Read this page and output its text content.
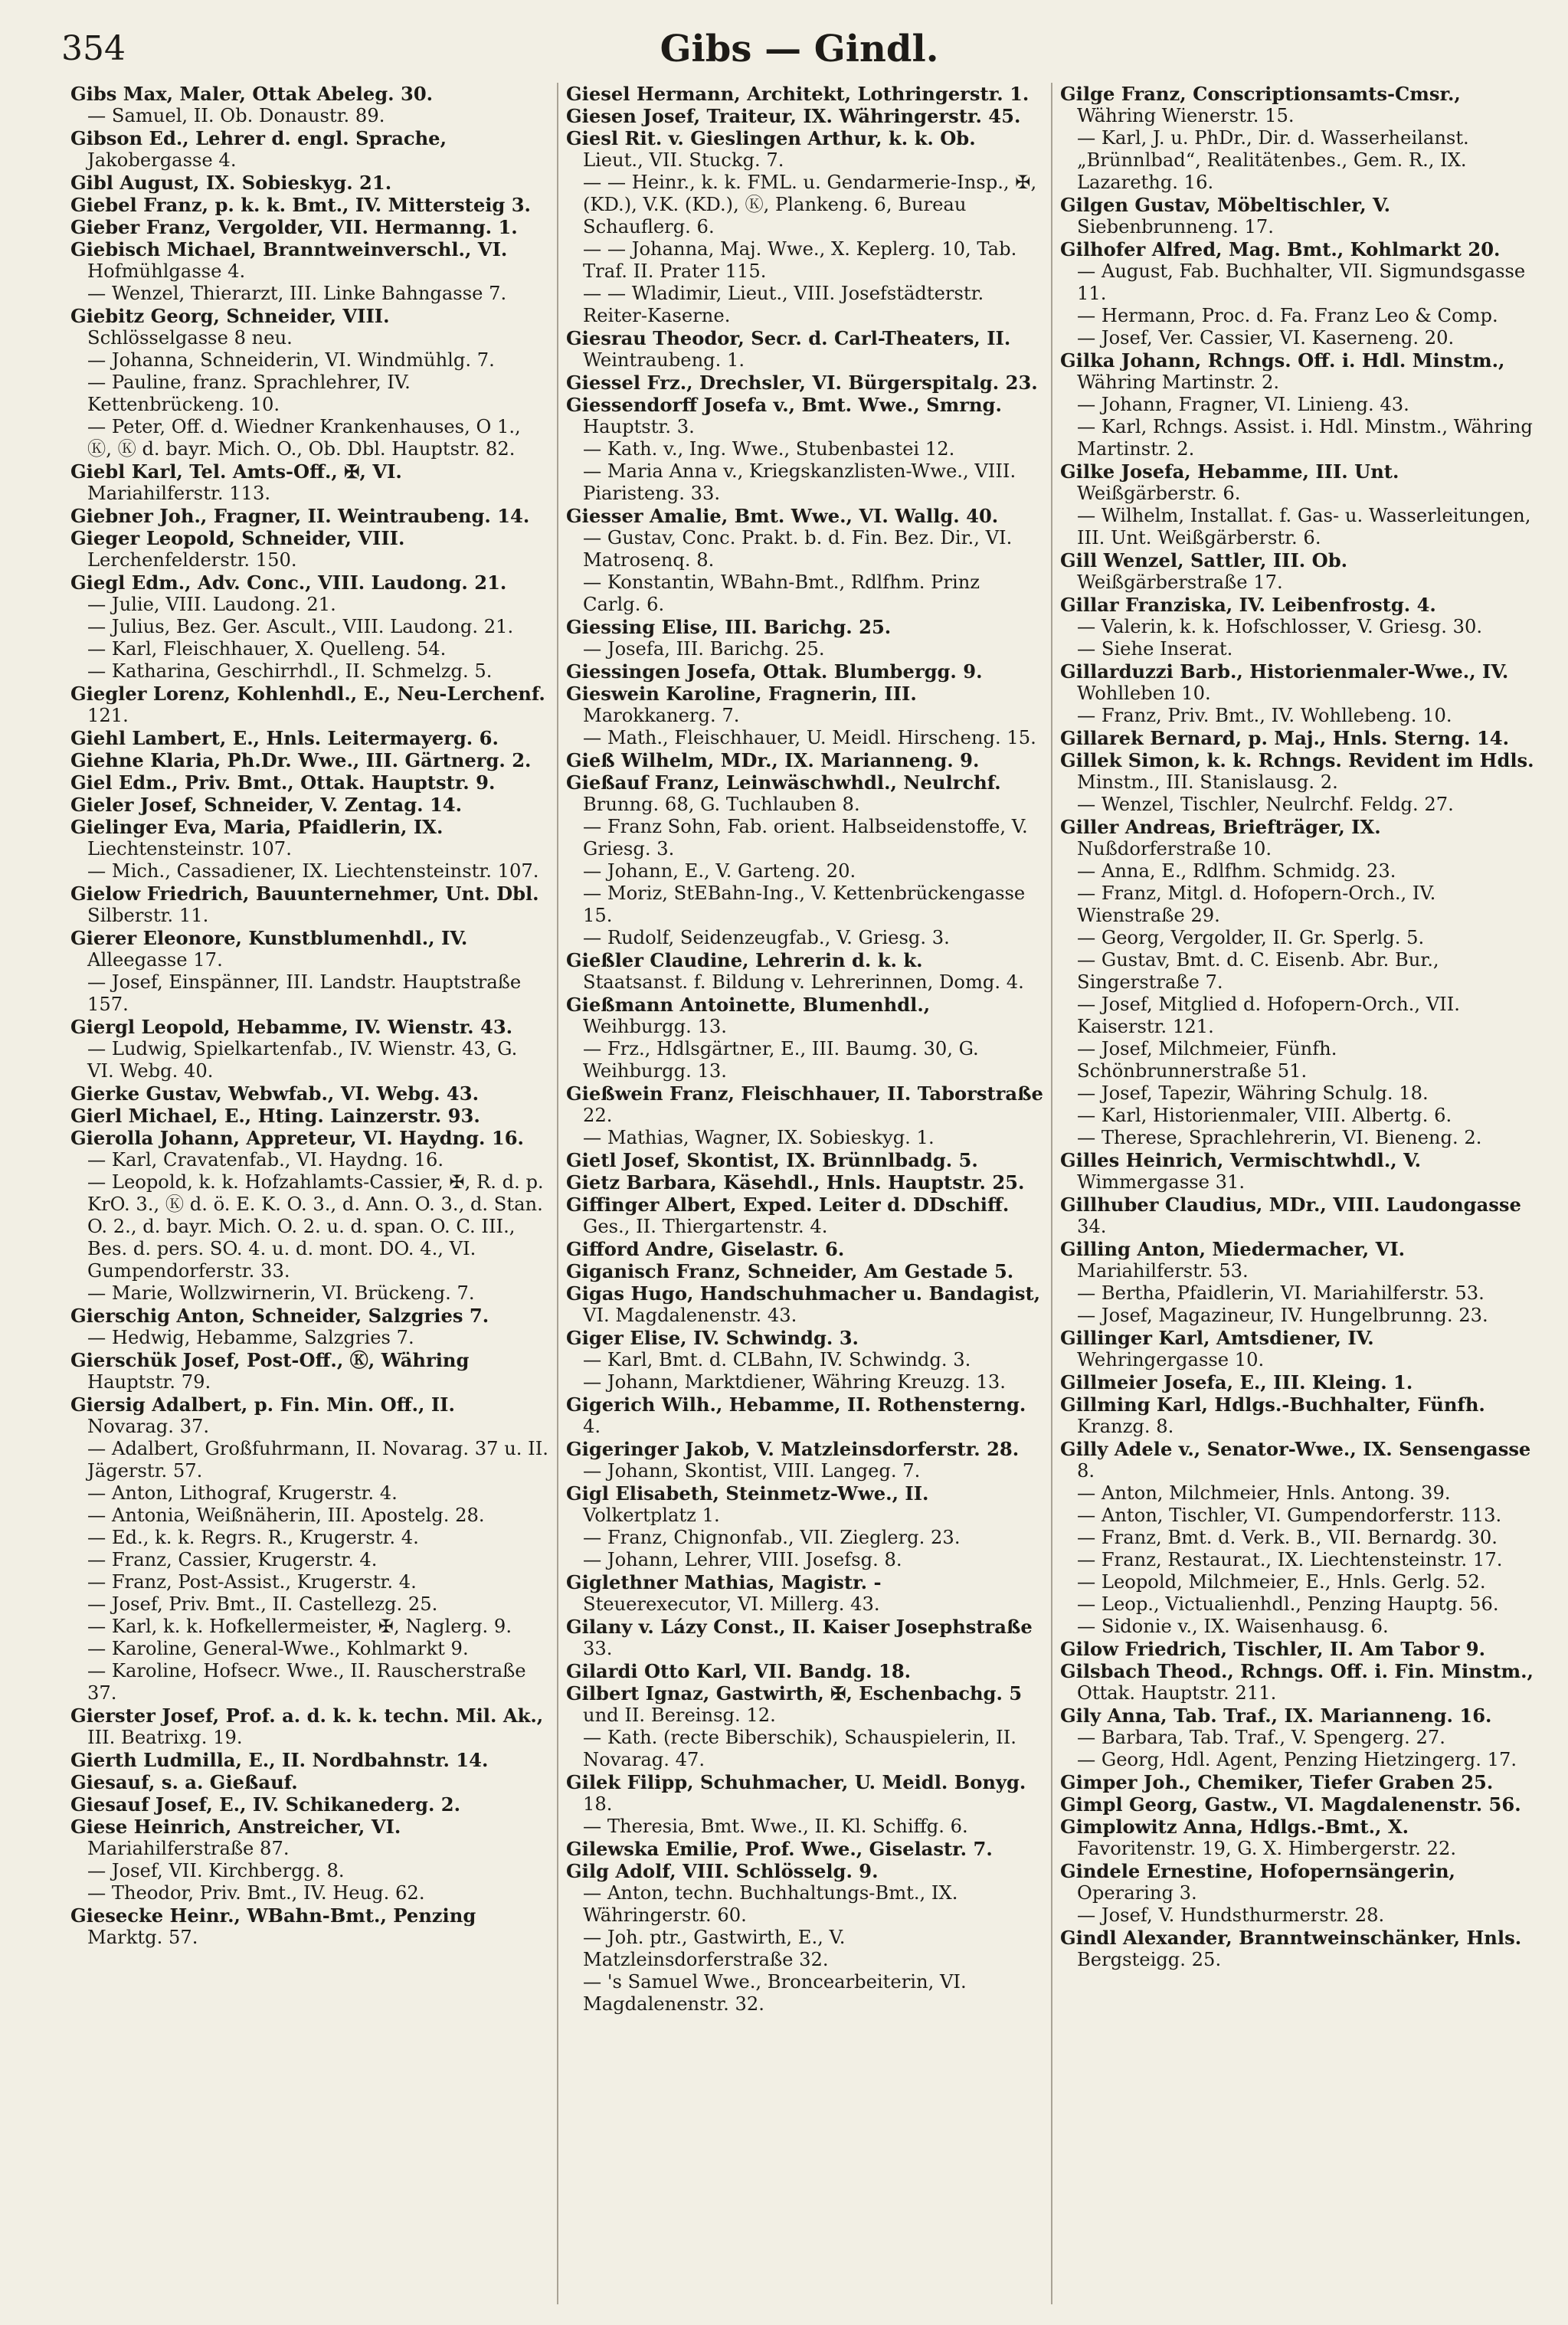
354	Gibs — Gindl.
Gibs Max, Maler, Ottak Abeleg. 30.
— Samuel, II. Ob. Donaustr. 89.
Gibson Ed., Lehrer d. engl. Sprache, Jakobergasse 4.
Gibl August, IX. Sobieskyg. 21.
Giebel Franz, p. k. k. Bmt., IV. Mittersteig 3.
Gieber Franz, Vergolder, VII. Hermanng. 1.
Giebisch Michael, Branntweinverschl., VI. Hofmühlgasse 4.
— Wenzel, Thierarzt, III. Linke Bahngasse 7.
Giebitz Georg, Schneider, VIII. Schlösselgasse 8 neu.
— Johanna, Schneiderin, VI. Windmühlg. 7.
— Pauline, franz. Sprachlehrer, IV. Kettenbrückeng. 10.
— Peter, Off. d. Wiedner Krankenhauses, O 1., Ⓚ, Ⓚ d. bayr. Mich. O., Ob. Dbl. Hauptstr. 82.
Giebl Karl, Tel. Amts-Off., ✠, VI. Mariahilferstr. 113.
Giebner Joh., Fragner, II. Weintraubeng. 14.
Gieger Leopold, Schneider, VIII. Lerchenfelderstr. 150.
Giegl Edm., Adv. Conc., VIII. Laudong. 21.
— Julie, VIII. Laudong. 21.
— Julius, Bez. Ger. Ascult., VIII. Laudong. 21.
— Karl, Fleischhauer, X. Quelleng. 54.
— Katharina, Geschirrhdl., II. Schmelzg. 5.
Giegler Lorenz, Kohlenhdl., E., Neu-Lerchenf. 121.
Giehl Lambert, E., Hnls. Leitermayerg. 6.
Giehne Klaria, Ph.Dr. Wwe., III. Gärtnerg. 2.
Giel Edm., Priv. Bmt., Ottak. Hauptstr. 9.
Gieler Josef, Schneider, V. Zentag. 14.
Gielinger Eva, Maria, Pfaidlerin, IX. Liechtensteinstr. 107.
— Mich., Cassadiener, IX. Liechtensteinstr. 107.
Gielow Friedrich, Bauunternehmer, Unt. Dbl. Silberstr. 11.
Gierer Eleonore, Kunstblumenhdl., IV. Alleegasse 17.
— Josef, Einspänner, III. Landstr. Hauptstraße 157.
Giergl Leopold, Hebamme, IV. Wienstr. 43.
— Ludwig, Spielkartenfab., IV. Wienstr. 43, G. VI. Webg. 40.
Gierke Gustav, Webwfab., VI. Webg. 43.
Gierl Michael, E., Hting. Lainzerstr. 93.
Gierolla Johann, Appreteur, VI. Haydng. 16.
— Karl, Cravatenfab., VI. Haydng. 16.
— Leopold, k. k. Hofzahlamts-Cassier, ✠, R. d. p. KrO. 3., Ⓚ d. ö. E. K. O. 3., d. Ann. O. 3., d. Stan. O. 2., d. bayr. Mich. O. 2. u. d. span. O. C. III., Bes. d. pers. SO. 4. u. d. mont. DO. 4., VI. Gumpendorferstr. 33.
— Marie, Wollzwirnerin, VI. Brückeng. 7.
Gierschig Anton, Schneider, Salzgries 7.
— Hedwig, Hebamme, Salzgries 7.
Gierschük Josef, Post-Off., Ⓚ, Währing Hauptstr. 79.
Giersig Adalbert, p. Fin. Min. Off., II. Novarag. 37.
— Adalbert, Großfuhrmann, II. Novarag. 37 u. II. Jägerstr. 57.
— Anton, Lithograf, Krugerstr. 4.
— Antonia, Weißnäherin, III. Apostelg. 28.
— Ed., k. k. Regrs. R., Krugerstr. 4.
— Franz, Cassier, Krugerstr. 4.
— Franz, Post-Assist., Krugerstr. 4.
— Josef, Priv. Bmt., II. Castellezg. 25.
— Karl, k. k. Hofkellermeister, ✠, Naglerg. 9.
— Karoline, General-Wwe., Kohlmarkt 9.
— Karoline, Hofsecr. Wwe., II. Rauscherstraße 37.
Gierster Josef, Prof. a. d. k. k. techn. Mil. Ak., III. Beatrixg. 19.
Gierth Ludmilla, E., II. Nordbahnstr. 14.
Giesauf, s. a. Gießauf.
Giesauf Josef, E., IV. Schikanederg. 2.
Giese Heinrich, Anstreicher, VI. Mariahilferstraße 87.
— Josef, VII. Kirchbergg. 8.
— Theodor, Priv. Bmt., IV. Heug. 62.
Giesecke Heinr., WBahn-Bmt., Penzing Marktg. 57.
Giesel Hermann, Architekt, Lothringerstr. 1.
Giesen Josef, Traiteur, IX. Währingerstr. 45.
Giesl Rit. v. Gieslingen Arthur, k. k. Ob. Lieut., VII. Stuckg. 7.
— — Heinr., k. k. FML. u. Gendarmerie-Insp., ✠, (KD.), V.K. (KD.), Ⓚ, Plankeng. 6, Bureau Schauflerg. 6.
— — Johanna, Maj. Wwe., X. Keplerg. 10, Tab. Traf. II. Prater 115.
— — Wladimir, Lieut., VIII. Josefstädterstr. Reiter-Kaserne.
Giesrau Theodor, Secr. d. Carl-Theaters, II. Weintraubeng. 1.
Giessel Frz., Drechsler, VI. Bürgerspitalg. 23.
Giessendorff Josefa v., Bmt. Wwe., Smrng. Hauptstr. 3.
— Kath. v., Ing. Wwe., Stubenbastei 12.
— Maria Anna v., Kriegskanzlisten-Wwe., VIII. Piaristeng. 33.
Giesser Amalie, Bmt. Wwe., VI. Wallg. 40.
— Gustav, Conc. Prakt. b. d. Fin. Bez. Dir., VI. Matrosenq. 8.
— Konstantin, WBahn-Bmt., Rdlfhm. Prinz Carlg. 6.
Giessing Elise, III. Barichg. 25.
— Josefa, III. Barichg. 25.
Giessingen Josefa, Ottak. Blumbergg. 9.
Gieswein Karoline, Fragnerin, III. Marokkanerg. 7.
— Math., Fleischhauer, U. Meidl. Hirscheng. 15.
Gieß Wilhelm, MDr., IX. Marianneng. 9.
Gießauf Franz, Leinwäschwhdl., Neulrchf. Brunng. 68, G. Tuchlauben 8.
— Franz Sohn, Fab. orient. Halbseidenstoffe, V. Griesg. 3.
— Johann, E., V. Garteng. 20.
— Moriz, StEBahn-Ing., V. Kettenbrückengasse 15.
— Rudolf, Seidenzeugfab., V. Griesg. 3.
Gießler Claudine, Lehrerin d. k. k. Staatsanst. f. Bildung v. Lehrerinnen, Domg. 4.
Gießmann Antoinette, Blumenhdl., Weihburgg. 13.
— Frz., Hdlsgärtner, E., III. Baumg. 30, G. Weihburgg. 13.
Gießwein Franz, Fleischhauer, II. Taborstraße 22.
— Mathias, Wagner, IX. Sobieskyg. 1.
Gietl Josef, Skontist, IX. Brünnlbadg. 5.
Gietz Barbara, Käsehdl., Hnls. Hauptstr. 25.
Giffinger Albert, Exped. Leiter d. DDschiff. Ges., II. Thiergartenstr. 4.
Gifford Andre, Giselastr. 6.
Giganisch Franz, Schneider, Am Gestade 5.
Gigas Hugo, Handschuhmacher u. Bandagist, VI. Magdalenenstr. 43.
Giger Elise, IV. Schwindg. 3.
— Karl, Bmt. d. CLBahn, IV. Schwindg. 3.
— Johann, Marktdiener, Währing Kreuzg. 13.
Gigerich Wilh., Hebamme, II. Rothensterng. 4.
Gigeringer Jakob, V. Matzleinsdorferstr. 28.
— Johann, Skontist, VIII. Langeg. 7.
Gigl Elisabeth, Steinmetz-Wwe., II. Volkertplatz 1.
— Franz, Chignonfab., VII. Zieglerg. 23.
— Johann, Lehrer, VIII. Josefsg. 8.
Giglethner Mathias, Magistr. - Steuerexecutor, VI. Millerg. 43.
Gilany v. Lázy Const., II. Kaiser Josephstraße 33.
Gilardi Otto Karl, VII. Bandg. 18.
Gilbert Ignaz, Gastwirth, ✠, Eschenbachg. 5 und II. Bereinsg. 12.
— Kath. (recte Biberschik), Schauspielerin, II. Novarag. 47.
Gilek Filipp, Schuhmacher, U. Meidl. Bonyg. 18.
— Theresia, Bmt. Wwe., II. Kl. Schiffg. 6.
Gilewska Emilie, Prof. Wwe., Giselastr. 7.
Gilg Adolf, VIII. Schlösselg. 9.
— Anton, techn. Buchhaltungs-Bmt., IX. Währingerstr. 60.
— Joh. ptr., Gastwirth, E., V. Matzleinsdorferstraße 32.
— 's Samuel Wwe., Broncearbeiterin, VI. Magdalenenstr. 32.
Gilge Franz, Conscriptionsamts-Cmsr., Währing Wienerstr. 15.
— Karl, J. u. PhDr., Dir. d. Wasserheilanst. „Brünnlbad“, Realitätenbes., Gem. R., IX. Lazarethg. 16.
Gilgen Gustav, Möbeltischler, V. Siebenbrunneng. 17.
Gilhofer Alfred, Mag. Bmt., Kohlmarkt 20.
— August, Fab. Buchhalter, VII. Sigmundsgasse 11.
— Hermann, Proc. d. Fa. Franz Leo & Comp.
— Josef, Ver. Cassier, VI. Kaserneng. 20.
Gilka Johann, Rchngs. Off. i. Hdl. Minstm., Währing Martinstr. 2.
— Johann, Fragner, VI. Linieng. 43.
— Karl, Rchngs. Assist. i. Hdl. Minstm., Währing Martinstr. 2.
Gilke Josefa, Hebamme, III. Unt. Weißgärberstr. 6.
— Wilhelm, Installat. f. Gas- u. Wasserleitungen, III. Unt. Weißgärberstr. 6.
Gill Wenzel, Sattler, III. Ob. Weißgärberstraße 17.
Gillar Franziska, IV. Leibenfrostg. 4.
— Valerin, k. k. Hofschlosser, V. Griesg. 30.
— Siehe Inserat.
Gillarduzzi Barb., Historienmaler-Wwe., IV. Wohlleben 10.
— Franz, Priv. Bmt., IV. Wohllebeng. 10.
Gillarek Bernard, p. Maj., Hnls. Sterng. 14.
Gillek Simon, k. k. Rchngs. Revident im Hdls. Minstm., III. Stanislausg. 2.
— Wenzel, Tischler, Neulrchf. Feldg. 27.
Giller Andreas, Briefträger, IX. Nußdorferstraße 10.
— Anna, E., Rdlfhm. Schmidg. 23.
— Franz, Mitgl. d. Hofopern-Orch., IV. Wienstraße 29.
— Georg, Vergolder, II. Gr. Sperlg. 5.
— Gustav, Bmt. d. C. Eisenb. Abr. Bur., Singerstraße 7.
— Josef, Mitglied d. Hofopern-Orch., VII. Kaiserstr. 121.
— Josef, Milchmeier, Fünfh. Schönbrunnerstraße 51.
— Josef, Tapezir, Währing Schulg. 18.
— Karl, Historienmaler, VIII. Albertg. 6.
— Therese, Sprachlehrerin, VI. Bieneng. 2.
Gilles Heinrich, Vermischtwhdl., V. Wimmergasse 31.
Gillhuber Claudius, MDr., VIII. Laudongasse 34.
Gilling Anton, Miedermacher, VI. Mariahilferstr. 53.
— Bertha, Pfaidlerin, VI. Mariahilferstr. 53.
— Josef, Magazineur, IV. Hungelbrunng. 23.
Gillinger Karl, Amtsdiener, IV. Wehringergasse 10.
Gillmeier Josefa, E., III. Kleing. 1.
Gillming Karl, Hdlgs.-Buchhalter, Fünfh. Kranzg. 8.
Gilly Adele v., Senator-Wwe., IX. Sensengasse 8.
— Anton, Milchmeier, Hnls. Antong. 39.
— Anton, Tischler, VI. Gumpendorferstr. 113.
— Franz, Bmt. d. Verk. B., VII. Bernardg. 30.
— Franz, Restaurat., IX. Liechtensteinstr. 17.
— Leopold, Milchmeier, E., Hnls. Gerlg. 52.
— Leop., Victualienhdl., Penzing Hauptg. 56.
— Sidonie v., IX. Waisenhausg. 6.
Gilow Friedrich, Tischler, II. Am Tabor 9.
Gilsbach Theod., Rchngs. Off. i. Fin. Minstm., Ottak. Hauptstr. 211.
Gily Anna, Tab. Traf., IX. Marianneng. 16.
— Barbara, Tab. Traf., V. Spengerg. 27.
— Georg, Hdl. Agent, Penzing Hietzingerg. 17.
Gimper Joh., Chemiker, Tiefer Graben 25.
Gimpl Georg, Gastw., VI. Magdalenenstr. 56.
Gimplowitz Anna, Hdlgs.-Bmt., X. Favoritenstr. 19, G. X. Himbergerstr. 22.
Gindele Ernestine, Hofopernsängerin, Operaring 3.
— Josef, V. Hundsthurmerstr. 28.
Gindl Alexander, Branntweinschänker, Hnls. Bergsteigg. 25.
